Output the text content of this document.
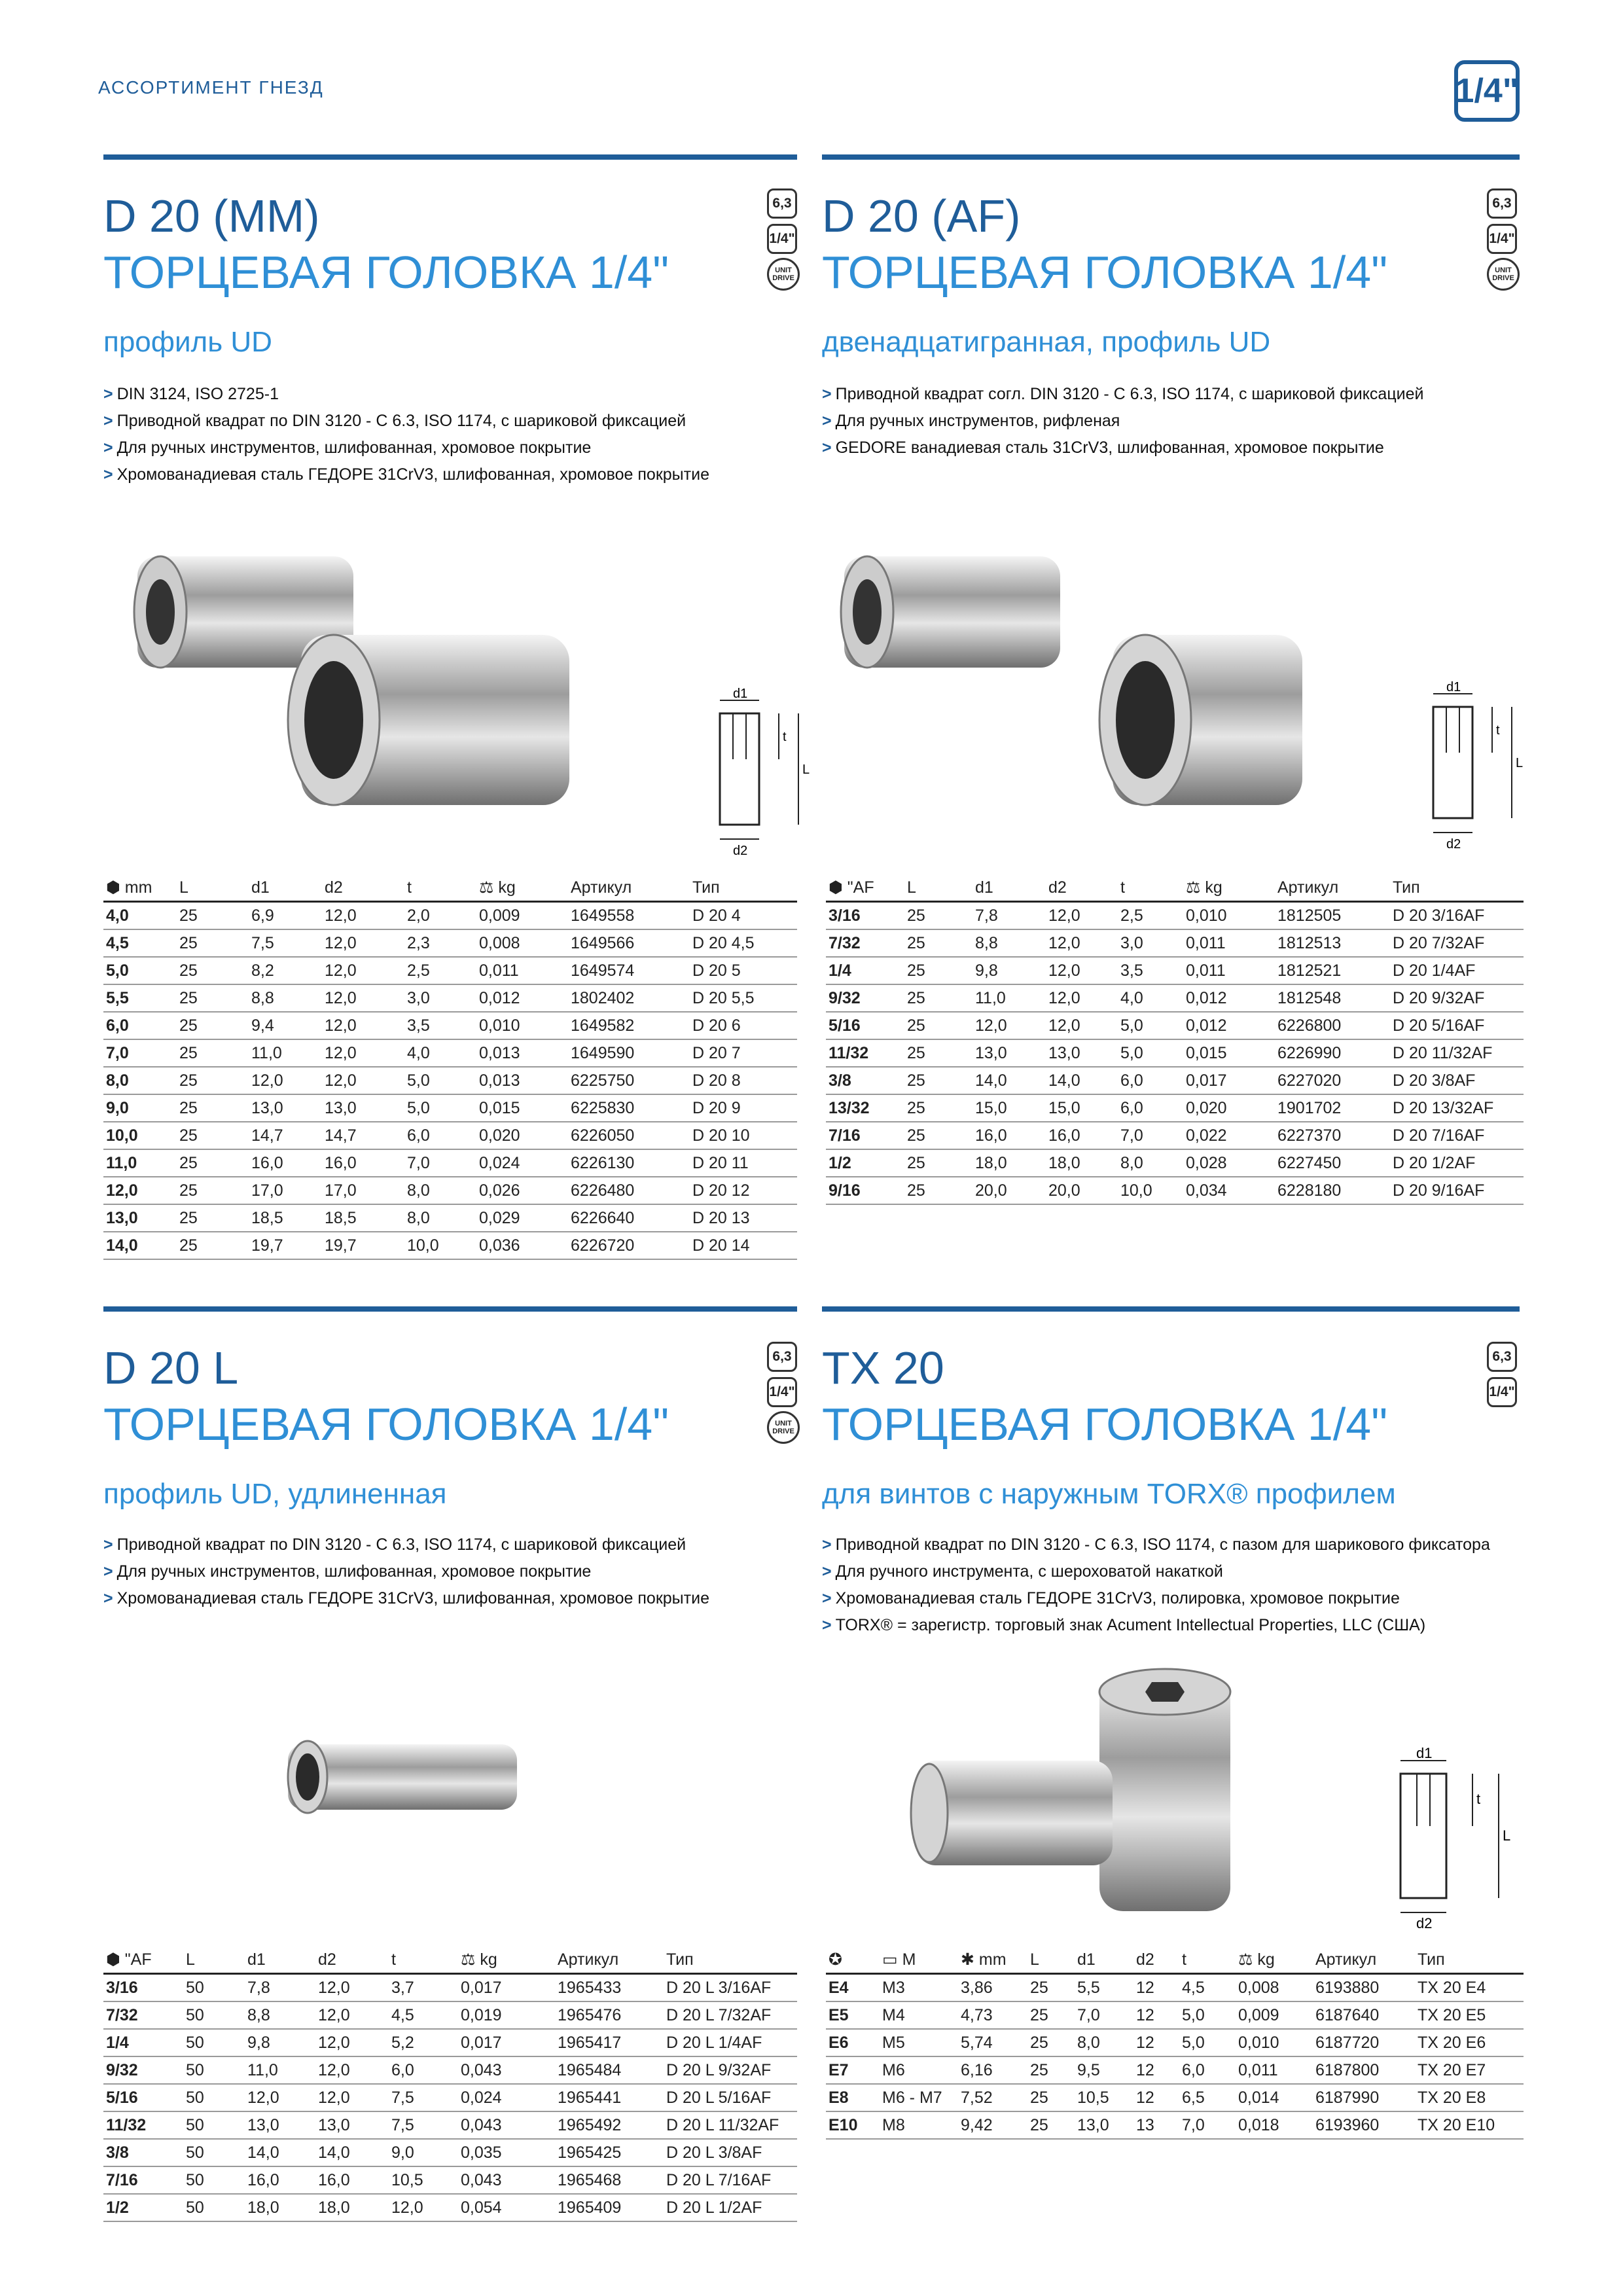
АССОРТИМЕНТ ГНЕЗД	1/4"
D 20 (MM)
ТОРЦЕВАЯ ГОЛОВКА 1/4"
профиль UD
6,3
1/4"
UNIT DRIVE
> DIN 3124, ISO 2725-1
> Приводной квадрат по DIN 3120 - C 6.3, ISO 1174, с шариковой фиксацией
> Для ручных инструментов, шлифованная, хромовое покрытие
> Хромованадиевая сталь ГЕДОРЕ 31CrV3, шлифованная, хромовое покрытие
d1
d2
t
L
⬢ mm	L	d1	d2	t	⚖ kg	Артикул	Тип
4,0	25	6,9	12,0	2,0	0,009	1649558	D 20 4
4,5	25	7,5	12,0	2,3	0,008	1649566	D 20 4,5
5,0	25	8,2	12,0	2,5	0,011	1649574	D 20 5
5,5	25	8,8	12,0	3,0	0,012	1802402	D 20 5,5
6,0	25	9,4	12,0	3,5	0,010	1649582	D 20 6
7,0	25	11,0	12,0	4,0	0,013	1649590	D 20 7
8,0	25	12,0	12,0	5,0	0,013	6225750	D 20 8
9,0	25	13,0	13,0	5,0	0,015	6225830	D 20 9
10,0	25	14,7	14,7	6,0	0,020	6226050	D 20 10
11,0	25	16,0	16,0	7,0	0,024	6226130	D 20 11
12,0	25	17,0	17,0	8,0	0,026	6226480	D 20 12
13,0	25	18,5	18,5	8,0	0,029	6226640	D 20 13
14,0	25	19,7	19,7	10,0	0,036	6226720	D 20 14
D 20 (AF)
ТОРЦЕВАЯ ГОЛОВКА 1/4"
двенадцатигранная, профиль UD
6,3
1/4"
UNIT DRIVE
> Приводной квадрат согл. DIN 3120 - C 6.3, ISO 1174, с шариковой фиксацией
> Для ручных инструментов, рифленая
> GEDORE ванадиевая сталь 31CrV3, шлифованная, хромовое покрытие
d1
d2
t
L
⬢ "AF	L	d1	d2	t	⚖ kg	Артикул	Тип
3/16	25	7,8	12,0	2,5	0,010	1812505	D 20 3/16AF
7/32	25	8,8	12,0	3,0	0,011	1812513	D 20 7/32AF
1/4	25	9,8	12,0	3,5	0,011	1812521	D 20 1/4AF
9/32	25	11,0	12,0	4,0	0,012	1812548	D 20 9/32AF
5/16	25	12,0	12,0	5,0	0,012	6226800	D 20 5/16AF
11/32	25	13,0	13,0	5,0	0,015	6226990	D 20 11/32AF
3/8	25	14,0	14,0	6,0	0,017	6227020	D 20 3/8AF
13/32	25	15,0	15,0	6,0	0,020	1901702	D 20 13/32AF
7/16	25	16,0	16,0	7,0	0,022	6227370	D 20 7/16AF
1/2	25	18,0	18,0	8,0	0,028	6227450	D 20 1/2AF
9/16	25	20,0	20,0	10,0	0,034	6228180	D 20 9/16AF
D 20 L
ТОРЦЕВАЯ ГОЛОВКА 1/4"
профиль UD, удлиненная
6,3
1/4"
UNIT DRIVE
> Приводной квадрат по DIN 3120 - C 6.3, ISO 1174, с шариковой фиксацией
> Для ручных инструментов, шлифованная, хромовое покрытие
> Хромованадиевая сталь ГЕДОРЕ 31CrV3, шлифованная, хромовое покрытие
⬢ "AF	L	d1	d2	t	⚖ kg	Артикул	Тип
3/16	50	7,8	12,0	3,7	0,017	1965433	D 20 L 3/16AF
7/32	50	8,8	12,0	4,5	0,019	1965476	D 20 L 7/32AF
1/4	50	9,8	12,0	5,2	0,017	1965417	D 20 L 1/4AF
9/32	50	11,0	12,0	6,0	0,043	1965484	D 20 L 9/32AF
5/16	50	12,0	12,0	7,5	0,024	1965441	D 20 L 5/16AF
11/32	50	13,0	13,0	7,5	0,043	1965492	D 20 L 11/32AF
3/8	50	14,0	14,0	9,0	0,035	1965425	D 20 L 3/8AF
7/16	50	16,0	16,0	10,5	0,043	1965468	D 20 L 7/16AF
1/2	50	18,0	18,0	12,0	0,054	1965409	D 20 L 1/2AF
TX 20
ТОРЦЕВАЯ ГОЛОВКА 1/4"
для винтов с наружным TORX® профилем
6,3
1/4"
> Приводной квадрат по DIN 3120 - C 6.3, ISO 1174, с пазом для шарикового фиксатора
> Для ручного инструмента, с шероховатой накаткой
> Хромованадиевая сталь ГЕДОРЕ 31CrV3, полировка, хромовое покрытие
> TORX® = зарегистр. торговый знак Acument Intellectual Properties, LLC (США)
d1
d2
t
L
✪	▭ M	✱ mm	L	d1	d2	t	⚖ kg	Артикул	Тип
E4	M3	3,86	25	5,5	12	4,5	0,008	6193880	TX 20 E4
E5	M4	4,73	25	7,0	12	5,0	0,009	6187640	TX 20 E5
E6	M5	5,74	25	8,0	12	5,0	0,010	6187720	TX 20 E6
E7	M6	6,16	25	9,5	12	6,0	0,011	6187800	TX 20 E7
E8	M6 - M7	7,52	25	10,5	12	6,5	0,014	6187990	TX 20 E8
E10	M8	9,42	25	13,0	13	7,0	0,018	6193960	TX 20 E10
